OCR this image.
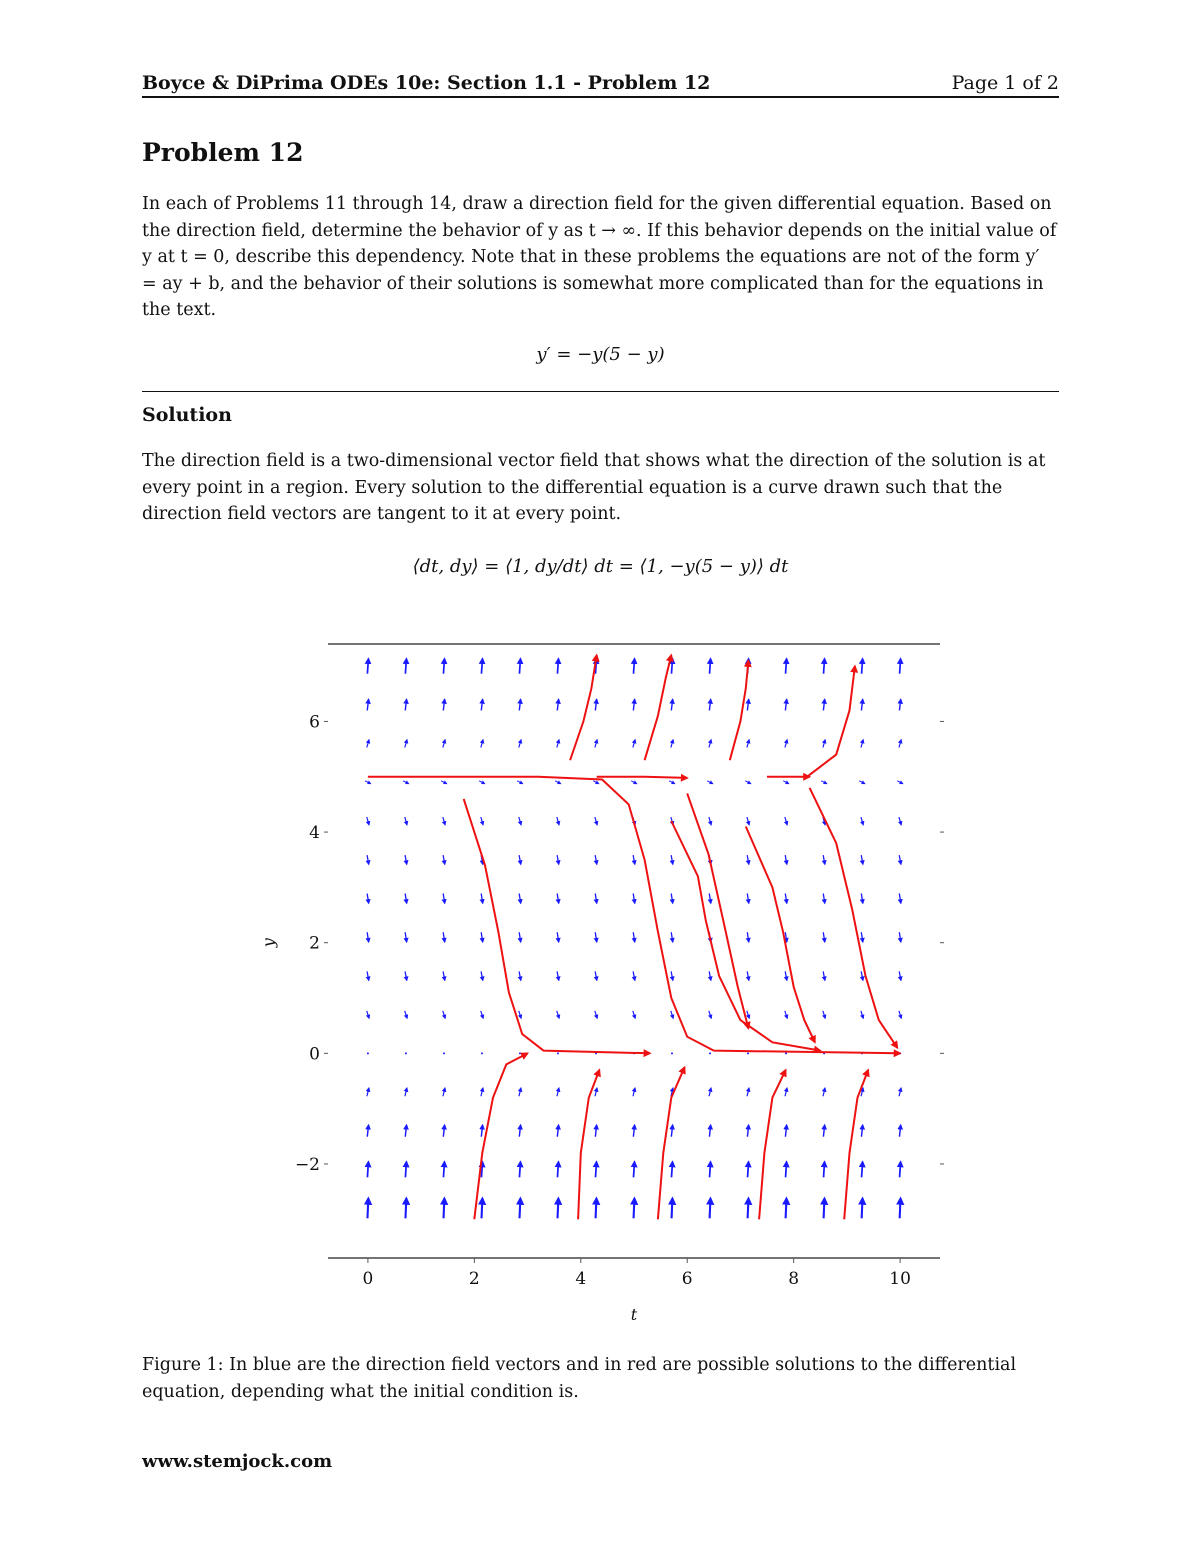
Boyce & DiPrima ODEs 10e: Section 1.1 - Problem 12	Page 1 of 2
Problem 12
In each of Problems 11 through 14, draw a direction field for the given differential equation. Based on the direction field, determine the behavior of y as t → ∞. If this behavior depends on the initial value of y at t = 0, describe this dependency. Note that in these problems the equations are not of the form y′ = ay + b, and the behavior of their solutions is somewhat more complicated than for the equations in the text.
y′ = −y(5 − y)
Solution
The direction field is a two-dimensional vector field that shows what the direction of the solution is at every point in a region. Every solution to the differential equation is a curve drawn such that the direction field vectors are tangent to it at every point.
⟨dt, dy⟩ = ⟨1, dy/dt⟩ dt = ⟨1, −y(5 − y)⟩ dt
0	2	4	6	8	10
−2
0
2
4
6
t
y
Figure 1: In blue are the direction field vectors and in red are possible solutions to the differential equation, depending what the initial condition is.
www.stemjock.com
